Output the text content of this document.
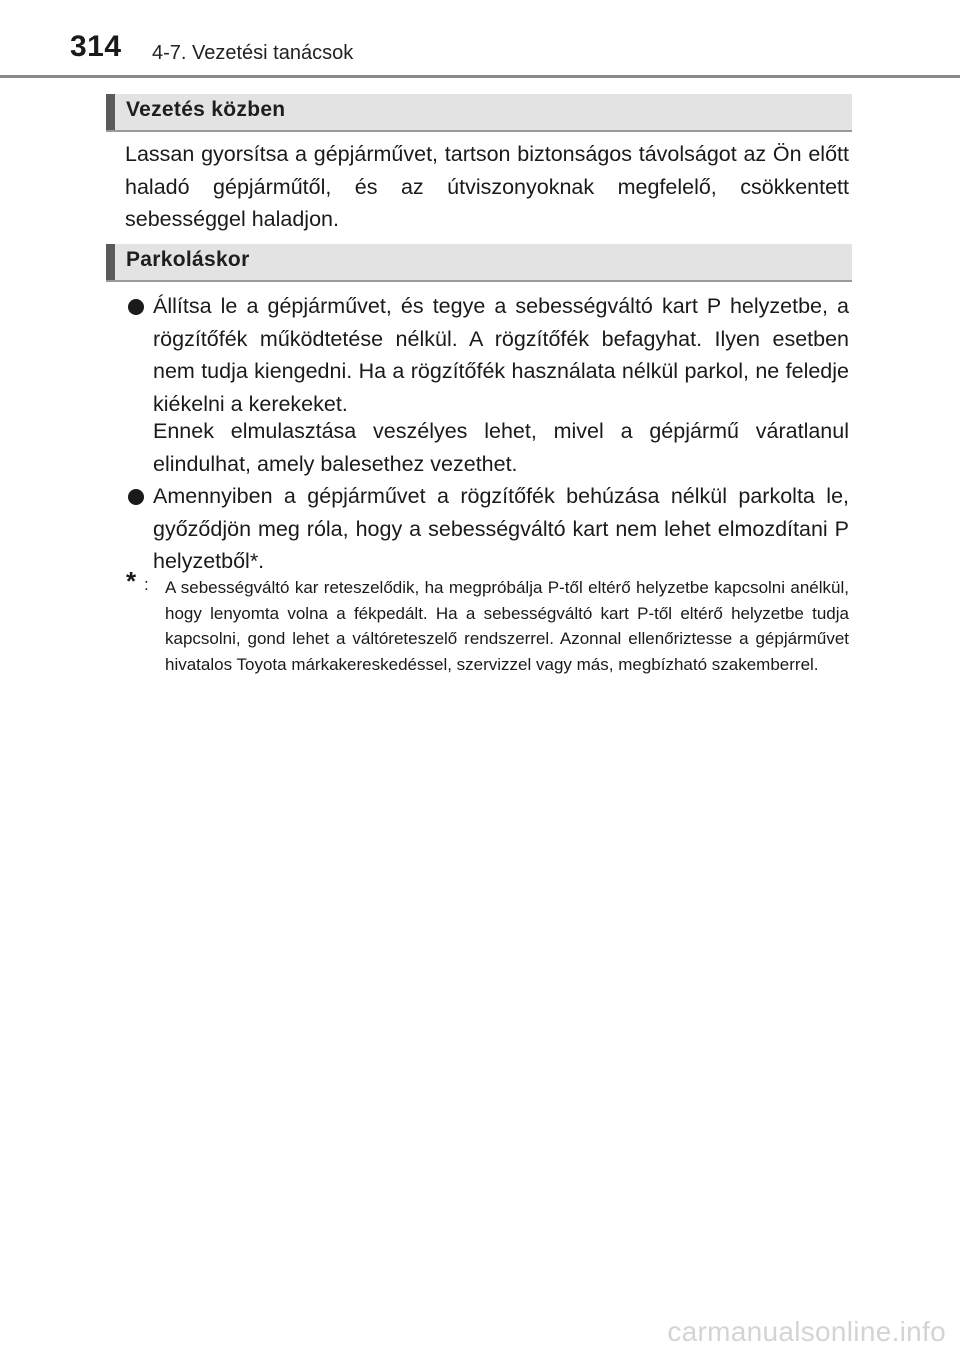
314 4-7. Vezetési tanácsok
Vezetés közben
Lassan gyorsítsa a gépjárművet, tartson biztonságos távolságot az Ön előtt haladó gépjárműtől, és az útviszonyoknak megfelelő, csökkentett sebességgel haladjon.
Parkoláskor
Állítsa le a gépjárművet, és tegye a sebességváltó kart P helyzetbe, a rögzítőfék működtetése nélkül. A rögzítőfék befagyhat. Ilyen esetben nem tudja kiengedni. Ha a rögzítőfék használata nélkül parkol, ne feledje kiékelni a kerekeket.
Ennek elmulasztása veszélyes lehet, mivel a gépjármű váratlanul elindulhat, amely balesethez vezethet.
Amennyiben a gépjárművet a rögzítőfék behúzása nélkül parkolta le, győződjön meg róla, hogy a sebességváltó kart nem lehet elmozdítani P helyzetből*.
* : A sebességváltó kar reteszelődik, ha megpróbálja P-től eltérő helyzetbe kapcsolni anélkül, hogy lenyomta volna a fékpedált. Ha a sebességváltó kart P-től eltérő helyzetbe tudja kapcsolni, gond lehet a váltóreteszelő rendszerrel. Azonnal ellenőriztesse a gépjárművet hivatalos Toyota márkakereskedéssel, szervizzel vagy más, megbízható szakemberrel.
carmanualsonline.info
